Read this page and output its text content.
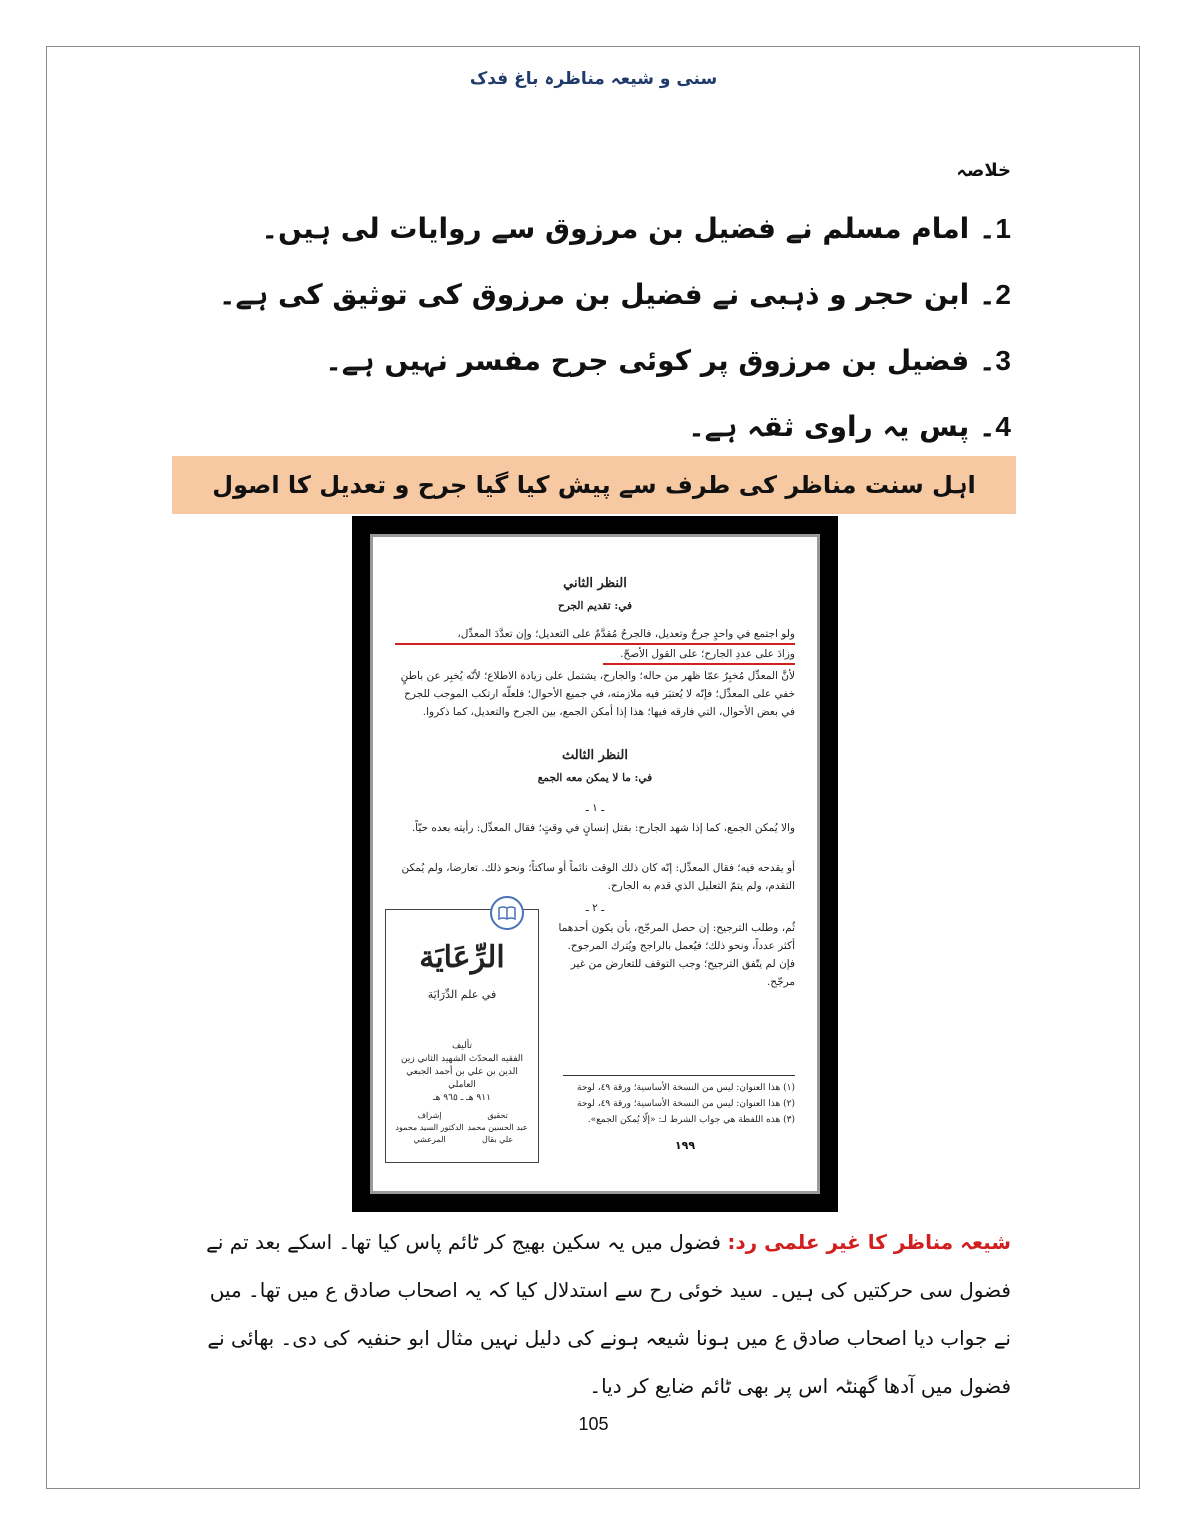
سنی و شیعہ مناظرہ باغ فدک
خلاصہ
1۔ امام مسلم نے فضیل بن مرزوق سے روایات لی ہیں۔
2۔ ابن حجر و ذہبی نے فضیل بن مرزوق کی توثیق کی ہے۔
3۔ فضیل بن مرزوق پر کوئی جرح مفسر نہیں ہے۔
4۔ پس یہ راوی ثقہ ہے۔
اہل سنت مناظر کی طرف سے پیش کیا گیا جرح و تعدیل کا اصول
النظر الثاني
في: تقديم الجرح
ولو اجتمع في واحدٍ جرحٌ وتعديل، فالجرحُ مُقدَّمٌ على التعديل؛ وإن تعدَّدَ المعدِّل،
وزادَ على عددِ الجارح؛ على القول الأصحّ.
لأنَّ المعدِّل مُخبِرٌ عمّا ظهر من حاله؛ والجارح، يشتمل على زيادة الاطلاع؛ لأنّه يُخبِر عن باطنٍ خفي على المعدِّل؛ فإنّه لا يُعتبَر فيه ملازمته، في جميع الأحوال؛ فلعلّه ارتكب الموجب للجرح في بعض الأحوال، التي فارقه فيها؛ هذا إذا أمكن الجمع، بين الجرح والتعديل، كما ذكروا.
النظر الثالث
في: ما لا يمكن معه الجمع
ـ ١ ـ
والا يُمكن الجمع، كما إذا شهد الجارح: بقتل إنسانٍ في وقتٍ؛ فقال المعدِّل: رأيته بعده حيّاً.
أو يقدحه فيه؛ فقال المعدِّل: إنّه كان ذلك الوقت نائماً أو ساكتاً؛ ونحو ذلك. تعارضا، ولم يُمكن التقدم، ولم يتمّ التعليل الذي قدم به الجارح.
ـ ٢ ـ
ثُم، وطلب الترجيح: إن حصل المرجّح، بأن يكون أحدهما أكثر عدداً، ونحو ذلك؛ فيُعمل بالراجح ويُترك المرجوح. فإن لم يتّفق الترجيح؛ وجب التوقف للتعارض من غير مرجّح.
(١) هذا العنوان: ليس من النسخة الأساسية؛ ورقة ٤٩، لوحة
(٢) هذا العنوان: ليس من النسخة الأساسية؛ ورقة ٤٩، لوحة
(٣) هذه اللفظة هي جواب الشرط لـ: «إلّا يُمكن الجمع».
١٩٩
الرِّعَايَة
في علم الدِّرَايَة
تأليف
الفقيه المحدّث الشهيد الثاني زين الدين بن علي بن أحمد الجبعي العاملي
٩١١ هـ ـ ٩٦٥ هـ
تحقيق
عبد الحسين محمد علي بقال
إشراف
الدكتور السيد محمود المرعشي
شیعہ مناظر کا غیر علمی رد: فضول میں یہ سکین بھیج کر ٹائم پاس کیا تھا۔ اسکے بعد تم نے فضول سی حرکتیں کی ہیں۔ سید خوئی رح سے استدلال کیا کہ یہ اصحاب صادق ع میں تھا۔ میں نے جواب دیا اصحاب صادق ع میں ہونا شیعہ ہونے کی دلیل نہیں مثال ابو حنفیہ کی دی۔ بھائی نے فضول میں آدھا گھنٹہ اس پر بھی ٹائم ضایع کر دیا۔
105
